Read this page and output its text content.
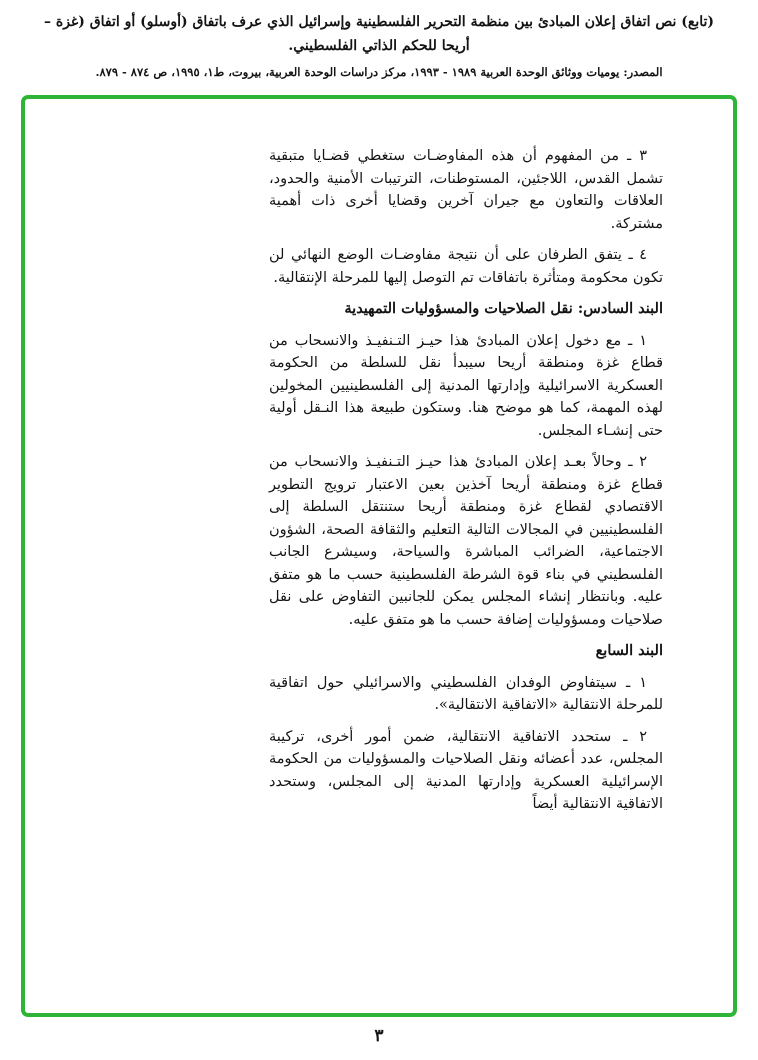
(تابع) نص اتفاق إعلان المبادئ بين منظمة التحرير الفلسطينية وإسرائيل الذي عرف باتفاق (أوسلو) أو اتفاق (غزة –
أريحا للحكم الذاتي الفلسطيني.
المصدر: يوميات ووثائق الوحدة العربية ١٩٨٩ - ١٩٩٣، مركز دراسات الوحدة العربية، بيروت، ط١، ١٩٩٥، ص ٨٧٤ - ٨٧٩.
٣ ـ من المفهوم أن هذه المفاوضـات ستغطي قضـايا متبقية تشمل القدس، اللاجئين، المستوطنات، الترتيبات الأمنية والحدود، العلاقات والتعاون مع جيران آخرين وقضايا أخرى ذات أهمية مشتركة.
٤ ـ يتفق الطرفان على أن نتيجة مفاوضـات الوضع النهائي لن تكون محكومة ومتأثرة باتفاقات تم التوصل إليها للمرحلة الإنتقالية.
البند السادس: نقل الصلاحيات والمسؤوليات التمهيدية
١ ـ مع دخول إعلان المبادئ هذا حيـز التـنفيـذ والانسحاب من قطاع غزة ومنطقة أريحا سيبدأ نقل للسلطة من الحكومة العسكرية الاسرائيلية وإدارتها المدنية إلى الفلسطينيين المخولين لهذه المهمة، كما هو موضح هنا. وستكون طبيعة هذا النـقل أولية حتى إنشـاء المجلس.
٢ ـ وحالاً بعـد إعلان المبادئ هذا حيـز التـنفيـذ والانسحاب من قطاع غزة ومنطقة أريحا آخذين بعين الاعتبار ترويج التطوير الاقتصادي لقطاع غزة ومنطقة أريحا ستنتقل السلطة إلى الفلسطينيين في المجالات التالية التعليم والثقافة الصحة، الشؤون الاجتماعية، الضرائب المباشرة والسياحة، وسيشرع الجانب الفلسطيني في بناء قوة الشرطة الفلسطينية حسب ما هو متفق عليه. وبانتظار إنشاء المجلس يمكن للجانبين التفاوض على نقل صلاحيات ومسؤوليات إضافة حسب ما هو متفق عليه.
البند السابع
١ ـ سيتفاوض الوفدان الفلسطيني والاسرائيلي حول اتفاقية للمرحلة الانتقالية «الاتفاقية الانتقالية».
٢ ـ ستحدد الاتفاقية الانتقالية، ضمن أمور أخرى، تركيبة المجلس، عدد أعضائه ونقل الصلاحيات والمسؤوليات من الحكومة الإسرائيلية العسكرية وإدارتها المدنية إلى المجلس، وستحدد الاتفاقية الانتقالية أيضاً
٣
